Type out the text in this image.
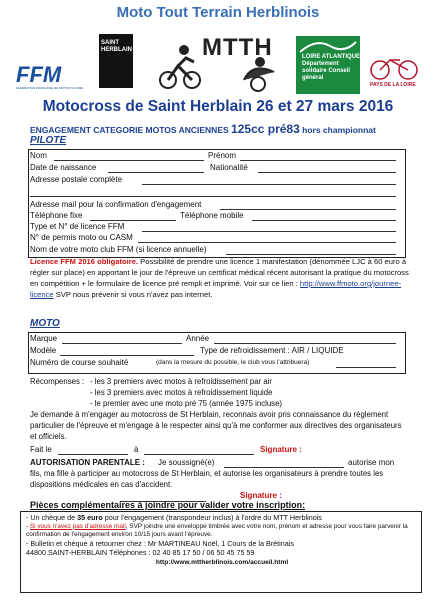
Moto Tout Terrain Herblinois
FFM
FÉDÉRATION FRANÇAISE DE MOTOCYCLISME
SAINT HERBLAIN	MTTH	LOIRE ATLANTIQUE Département solidaire Conseil général
PAYS DE LA LOIRE
Motocross de Saint Herblain 26 et 27 mars 2016
ENGAGEMENT CATEGORIE MOTOS ANCIENNES 125cc pré83 hors championnat
PILOTE
Nom	Prénom
Date de naissance	Nationalité
Adresse postale complète
Adresse mail pour la confirmation d'engagement
Téléphone fixe	Téléphone mobile
Type et N° de licence FFM
N° de permis moto ou CASM
Nom de votre moto club FFM (si licence annuelle)
Licence FFM 2016 obligatoire. Possibilité de prendre une licence 1 manifestation (dénommée LJC à 60 euro à régler sur place) en apportant le jour de l'épreuve un certificat médical récent autorisant la pratique du motocross en compétition + le formulaire de licence pré rempli et imprimé. Voir sur ce lien : http://www.ffmoto.org/journee-licence SVP nous prévenir si vous n'avez pas internet.
MOTO
Marque	Année
Modèle	Type de refroidissement : AIR / LIQUIDE
Numéro de course souhaité	(dans la mesure du possible, le club vous l'attribuera)
Récompenses : - les 3 premiers avec motos à refroidissement par air
- les 3 premiers avec motos à refroidissement liquide
- le premier avec une moto pré 75 (année 1975 incluse)
Je demande à m'engager au motocross de St Herblain, reconnais avoir pris connaissance du règlement particulier de l'épreuve et m'engage à le respecter ainsi qu'à me conformer aux directives des organisateurs et officiels.
Fait le	à	Signature :
AUTORISATION PARENTALE : Je soussigné(e)	autorise mon
fils, ma fille à participer au motocross de St Herblain, et autorise les organisateurs à prendre toutes les dispositions médicales en cas d'accident.
Signature :
Pièces complémentaires à joindre pour valider votre inscription:
- Un chèque de 35 euro pour l'engagement (transpondeur inclus) à l'ordre du MTT Herblinois
- Si vous n'avez pas d'adresse mail, SVP joindre une enveloppe timbrée avec votre nom, prénom et adresse pour vous faire parvenir la confirmation de l'engagement environ 10/15 jours avant l'épreuve.
- Bulletin et chèque à retourner chez : Mr MARTINEAU Noël, 1 Cours de la Brétinais
44800 SAINT-HERBLAIN Téléphones : 02 40 85 17 50 / 06 50 45 75 59
http://www.mttherblinois.com/accueil.html
